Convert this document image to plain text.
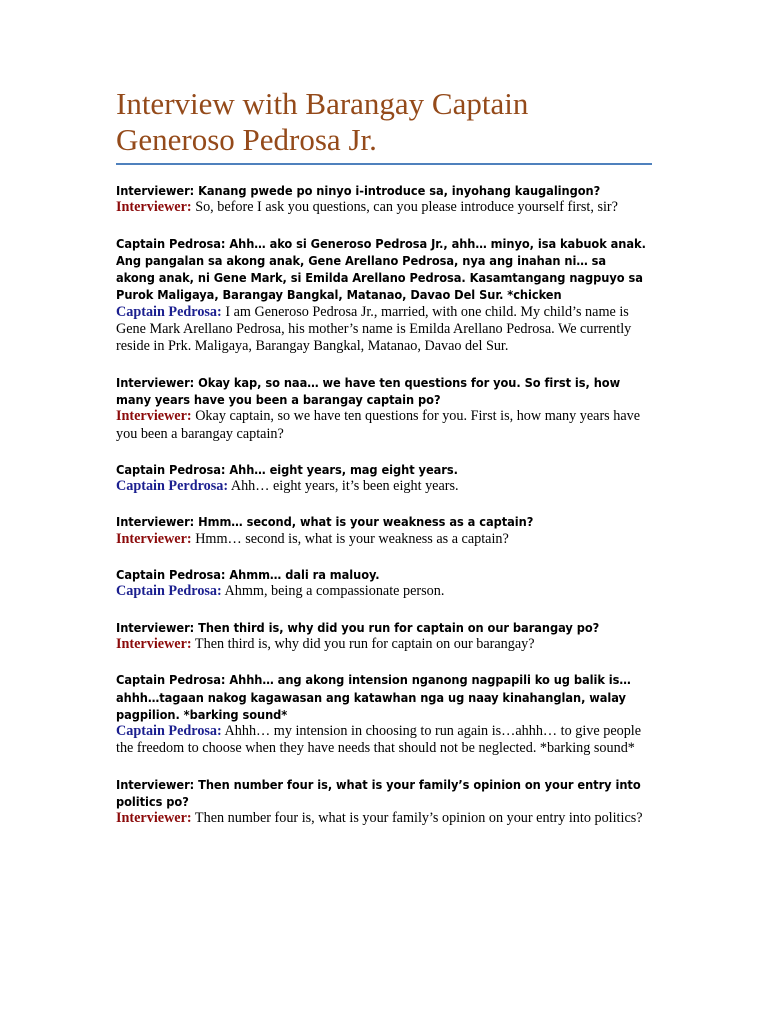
Interview with Barangay Captain Generoso Pedrosa Jr.

Interviewer: Kanang pwede po ninyo i-introduce sa, inyohang kaugalingon?

Interviewer: So, before I ask you questions, can you please introduce yourself first, sir?

Captain Pedrosa: Ahh… ako si Generoso Pedrosa Jr., ahh… minyo, isa kabuok anak. Ang pangalan sa akong anak, Gene Arellano Pedrosa, nya ang inahan ni… sa akong anak, ni Gene Mark, si Emilda Arellano Pedrosa. Kasamtangang nagpuyo sa Purok Maligaya, Barangay Bangkal, Matanao, Davao Del Sur. *chicken

Captain Pedrosa: I am Generoso Pedrosa Jr., married, with one child. My child’s name is Gene Mark Arellano Pedrosa, his mother’s name is Emilda Arellano Pedrosa. We currently reside in Prk. Maligaya, Barangay Bangkal, Matanao, Davao del Sur.

Interviewer: Okay kap, so naa… we have ten questions for you. So first is, how many years have you been a barangay captain po?

Interviewer: Okay captain, so we have ten questions for you. First is, how many years have you been a barangay captain?

Captain Pedrosa: Ahh… eight years, mag eight years.

Captain Perdrosa: Ahh… eight years, it’s been eight years.

Interviewer: Hmm… second, what is your weakness as a captain?

Interviewer: Hmm… second is, what is your weakness as a captain?

Captain Pedrosa: Ahmm… dali ra maluoy.

Captain Pedrosa: Ahmm, being a compassionate person.

Interviewer: Then third is, why did you run for captain on our barangay po?

Interviewer: Then third is, why did you run for captain on our barangay?

Captain Pedrosa: Ahhh… ang akong intension nganong nagpapili ko ug balik is… ahhh…tagaan nakog kagawasan ang katawhan nga ug naay kinahanglan, walay pagpilion. *barking sound*

Captain Pedrosa: Ahhh… my intension in choosing to run again is…ahhh… to give people the freedom to choose when they have needs that should not be neglected. *barking sound*

Interviewer: Then number four is, what is your family’s opinion on your entry into politics po?

Interviewer: Then number four is, what is your family’s opinion on your entry into politics?
